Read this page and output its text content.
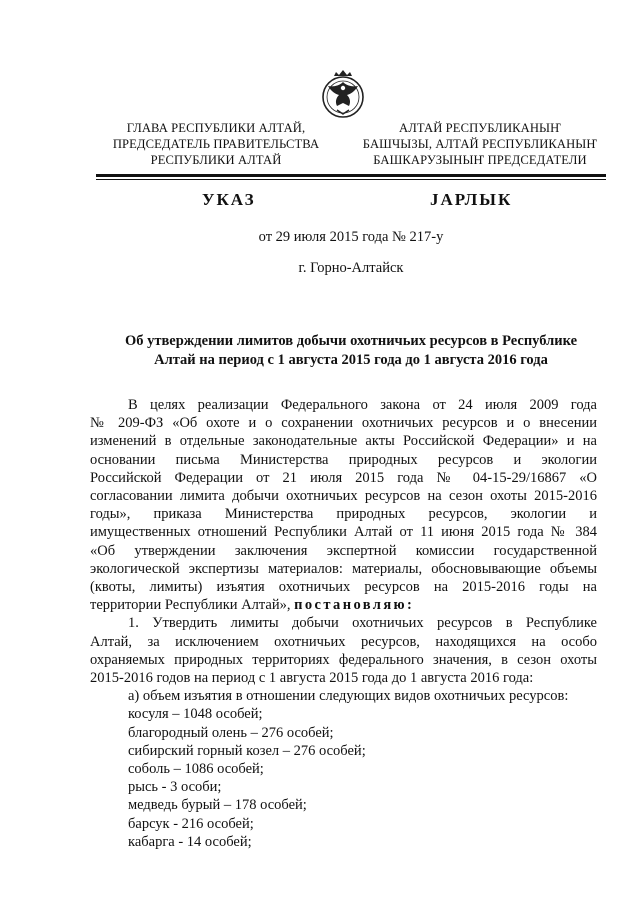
ГЛАВА РЕСПУБЛИКИ АЛТАЙ,
ПРЕДСЕДАТЕЛЬ ПРАВИТЕЛЬСТВА
РЕСПУБЛИКИ АЛТАЙ
АЛТАЙ РЕСПУБЛИКАНЫҤ
БАШЧЫЗЫ, АЛТАЙ РЕСПУБЛИКАНЫҤ
БАШКАРУЗЫНЫҤ ПРЕДСЕДАТЕЛИ
УКАЗ	JАРЛЫК
от 29 июля 2015 года № 217-у
г. Горно-Алтайск
Об утверждении лимитов добычи охотничьих ресурсов в Республике
Алтай на период с 1 августа 2015 года до 1 августа 2016 года
В целях реализации Федерального закона от 24 июля 2009 года
№ 209-ФЗ «Об охоте и о сохранении охотничьих ресурсов и о внесении
изменений в отдельные законодательные акты Российской Федерации» и на
основании письма Министерства природных ресурсов и экологии
Российской Федерации от 21 июля 2015 года № 04-15-29/16867 «О
согласовании лимита добычи охотничьих ресурсов на сезон охоты 2015-2016
годы», приказа Министерства природных ресурсов, экологии и
имущественных отношений Республики Алтай от 11 июня 2015 года № 384
«Об утверждении заключения экспертной комиссии государственной
экологической экспертизы материалов: материалы, обосновывающие объемы
(квоты, лимиты) изъятия охотничьих ресурсов на 2015-2016 годы на
территории Республики Алтай», постановляю:
1. Утвердить лимиты добычи охотничьих ресурсов в Республике
Алтай, за исключением охотничьих ресурсов, находящихся на особо
охраняемых природных территориях федерального значения, в сезон охоты
2015-2016 годов на период с 1 августа 2015 года до 1 августа 2016 года:
а) объем изъятия в отношении следующих видов охотничьих ресурсов:
косуля – 1048 особей;
благородный олень – 276 особей;
сибирский горный козел – 276 особей;
соболь – 1086 особей;
рысь - 3 особи;
медведь бурый – 178 особей;
барсук - 216 особей;
кабарга - 14 особей;
